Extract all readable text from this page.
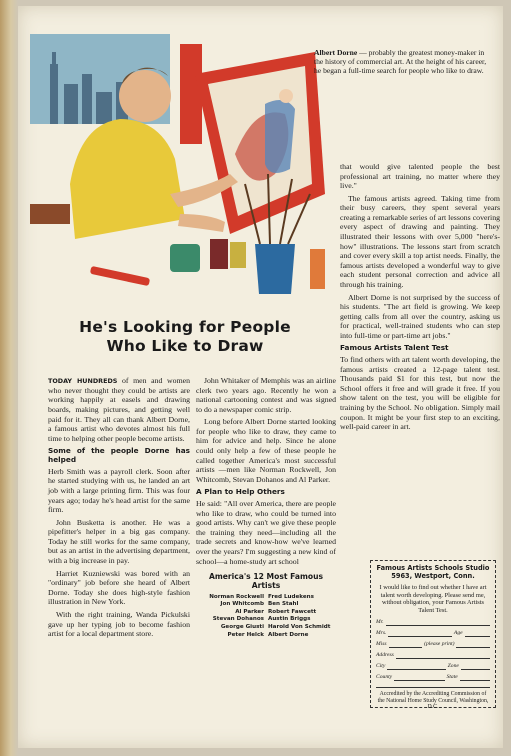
Albert Dorne — probably the greatest money-maker in the history of commercial art. At the height of his career, he began a full-time search for people who like to draw.
He's Looking for People
Who Like to Draw

TODAY HUNDREDS of men and women who never thought they could be artists are working happily at easels and drawing boards, making pictures, and getting well paid for it. They all can thank Albert Dorne, a famous artist who devotes almost his full time to helping other people become artists.

Some of the people Dorne has helped

Herb Smith was a payroll clerk. Soon after he started studying with us, he landed an art job with a large printing firm. This was four years ago; today he's head artist for the same firm.

John Busketta is another. He was a pipefitter's helper in a big gas company. Today he still works for the same company, but as an artist in the advertising department, with a big increase in pay.

Harriet Kuzniewski was bored with an "ordinary" job before she heard of Albert Dorne. Today she does high-style fashion illustration in New York.

With the right training, Wanda Pickulski gave up her typing job to become fashion artist for a local department store.

John Whitaker of Memphis was an airline clerk two years ago. Recently he won a national cartooning contest and was signed to do a newspaper comic strip.

Long before Albert Dorne started looking for people who like to draw, they came to him for advice and help. Since he alone could only help a few of these people he called together America's most successful artists —men like Norman Rockwell, Jon Whitcomb, Stevan Dohanos and Al Parker.

A Plan to Help Others

He said: "All over America, there are people who like to draw, who could be turned into good artists. Why can't we give these people the training they need—including all the trade secrets and know-how we've learned over the years? I'm suggesting a new kind of school—a home-study art school

America's 12 Most Famous Artists
Norman Rockwell Fred Ludekens
Jon Whitcomb Ben Stahl
Al Parker Robert Fawcett
Stevan Dohanos Austin Briggs
George Giusti Harold Von Schmidt
Peter Helck Albert Dorne

that would give talented people the best professional art training, no matter where they live."

The famous artists agreed. Taking time from their busy careers, they spent several years creating a remarkable series of art lessons covering every aspect of drawing and painting. They illustrated their lessons with over 5,000 "here's-how" illustrations. The lessons start from scratch and cover every skill a top artist needs. Finally, the famous artists developed a wonderful way to give each student personal correction and advice all through his training.

Albert Dorne is not surprised by the success of his students. "The art field is growing. We keep getting calls from all over the country, asking us for practical, well-trained students who can step into full-time or part-time art jobs."

Famous Artists Talent Test

To find others with art talent worth developing, the famous artists created a 12-page talent test. Thousands paid $1 for this test, but now the School offers it free and will grade it free. If you show talent on the test, you will be eligible for training by the School. No obligation. Simply mail coupon. It might be your first step to an exciting, well-paid career in art.

Famous Artists Schools Studio 5963, Westport, Conn.
I would like to find out whether I have art talent worth developing. Please send me, without obligation, your Famous Artists Talent Test.
Mr.
Mrs.	Age
Miss	(please print)
Address
City	Zone
County	State
Accredited by the Accrediting Commission of the National Home Study Council, Washington, D.C.
